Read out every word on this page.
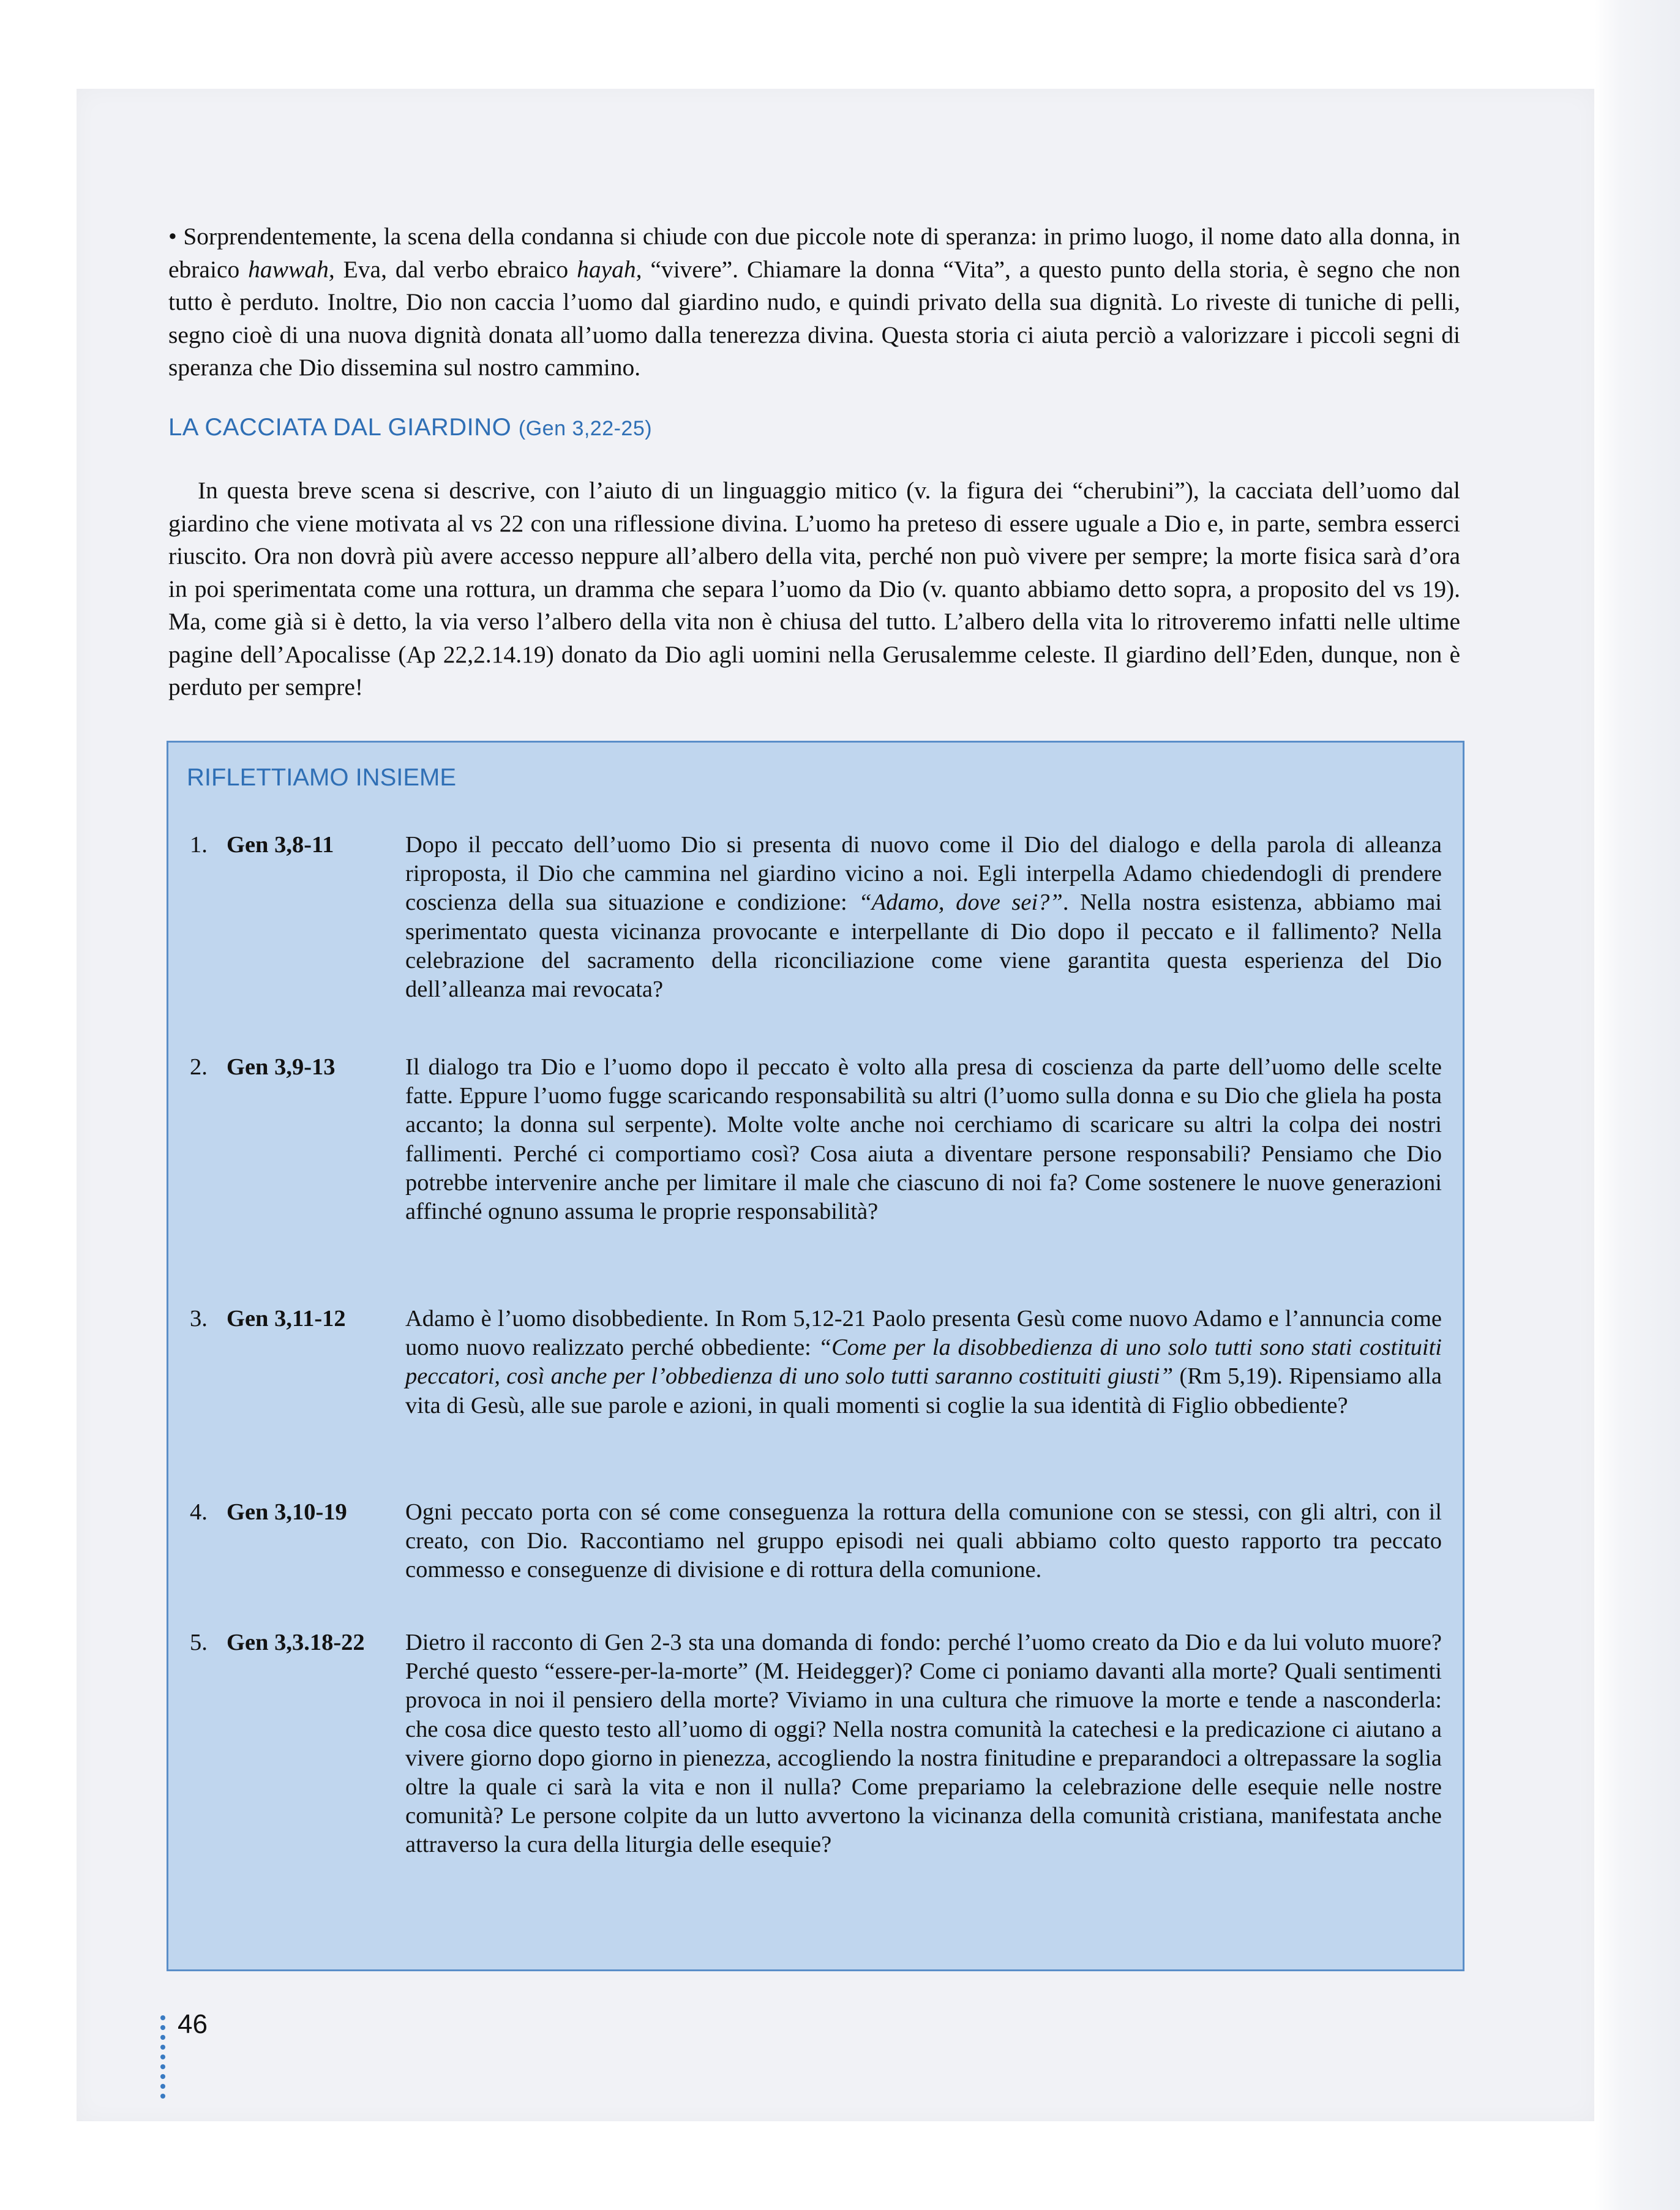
• Sorprendentemente, la scena della condanna si chiude con due piccole note di speranza: in primo luogo, il nome dato alla donna, in ebraico hawwah, Eva, dal verbo ebraico hayah, “vivere”. Chiamare la donna “Vita”, a questo punto della storia, è segno che non tutto è perduto. Inoltre, Dio non caccia l’uomo dal giardino nudo, e quindi privato della sua dignità. Lo riveste di tuniche di pelli, segno cioè di una nuova dignità donata all’uomo dalla tenerezza divina. Questa storia ci aiuta perciò a valorizzare i piccoli segni di speranza che Dio dissemina sul nostro cammino.
LA CACCIATA DAL GIARDINO (Gen 3,22-25)
In questa breve scena si descrive, con l’aiuto di un linguaggio mitico (v. la figura dei “cherubini”), la cacciata dell’uomo dal giardino che viene motivata al vs 22 con una riflessione divina. L’uomo ha preteso di essere uguale a Dio e, in parte, sembra esserci riuscito. Ora non dovrà più avere accesso neppure all’albero della vita, perché non può vivere per sempre; la morte fisica sarà d’ora in poi sperimentata come una rottura, un dramma che separa l’uomo da Dio (v. quanto abbiamo detto sopra, a proposito del vs 19). Ma, come già si è detto, la via verso l’albero della vita non è chiusa del tutto. L’albero della vita lo ritroveremo infatti nelle ultime pagine dell’Apocalisse (Ap 22,2.14.19) donato da Dio agli uomini nella Gerusalemme celeste. Il giardino dell’Eden, dunque, non è perduto per sempre!
RIFLETTIAMO INSIEME
1. Gen 3,8-11	Dopo il peccato dell’uomo Dio si presenta di nuovo come il Dio del dialogo e della parola di alleanza riproposta, il Dio che cammina nel giardino vicino a noi. Egli interpella Adamo chiedendogli di prendere coscienza della sua situazione e condizione: “Adamo, dove sei?”. Nella nostra esistenza, abbiamo mai sperimentato questa vicinanza provocante e interpellante di Dio dopo il peccato e il fallimento? Nella celebrazione del sacramento della riconciliazione come viene garantita questa esperienza del Dio dell’alleanza mai revocata?
2. Gen 3,9-13	Il dialogo tra Dio e l’uomo dopo il peccato è volto alla presa di coscienza da parte dell’uomo delle scelte fatte. Eppure l’uomo fugge scaricando responsabilità su altri (l’uomo sulla donna e su Dio che gliela ha posta accanto; la donna sul serpente). Molte volte anche noi cerchiamo di scaricare su altri la colpa dei nostri fallimenti. Perché ci comportiamo così? Cosa aiuta a diventare persone responsabili? Pensiamo che Dio potrebbe intervenire anche per limitare il male che ciascuno di noi fa? Come sostenere le nuove generazioni affinché ognuno assuma le proprie responsabilità?
3. Gen 3,11-12	Adamo è l’uomo disobbediente. In Rom 5,12-21 Paolo presenta Gesù come nuovo Adamo e l’annuncia come uomo nuovo realizzato perché obbediente: “Come per la disobbedienza di uno solo tutti sono stati costituiti peccatori, così anche per l’obbedienza di uno solo tutti saranno costituiti giusti” (Rm 5,19). Ripensiamo alla vita di Gesù, alle sue parole e azioni, in quali momenti si coglie la sua identità di Figlio obbediente?
4. Gen 3,10-19 Ogni peccato porta con sé come conseguenza la rottura della comunione con se stessi, con gli altri, con il creato, con Dio. Raccontiamo nel gruppo episodi nei quali abbiamo colto questo rapporto tra peccato commesso e conseguenze di divisione e di rottura della comunione.
5. Gen 3,3.18-22 Dietro il racconto di Gen 2-3 sta una domanda di fondo: perché l’uomo creato da Dio e da lui voluto muore? Perché questo “essere-per-la-morte” (M. Heidegger)? Come ci poniamo davanti alla morte? Quali sentimenti provoca in noi il pensiero della morte? Viviamo in una cultura che rimuove la morte e tende a nasconderla: che cosa dice questo testo all’uomo di oggi? Nella nostra comunità la catechesi e la predicazione ci aiutano a vivere giorno dopo giorno in pienezza, accogliendo la nostra finitudine e preparandoci a oltrepassare la soglia oltre la quale ci sarà la vita e non il nulla? Come prepariamo la celebrazione delle esequie nelle nostre comunità? Le persone colpite da un lutto avvertono la vicinanza della comunità cristiana, manifestata anche attraverso la cura della liturgia delle esequie?
46
